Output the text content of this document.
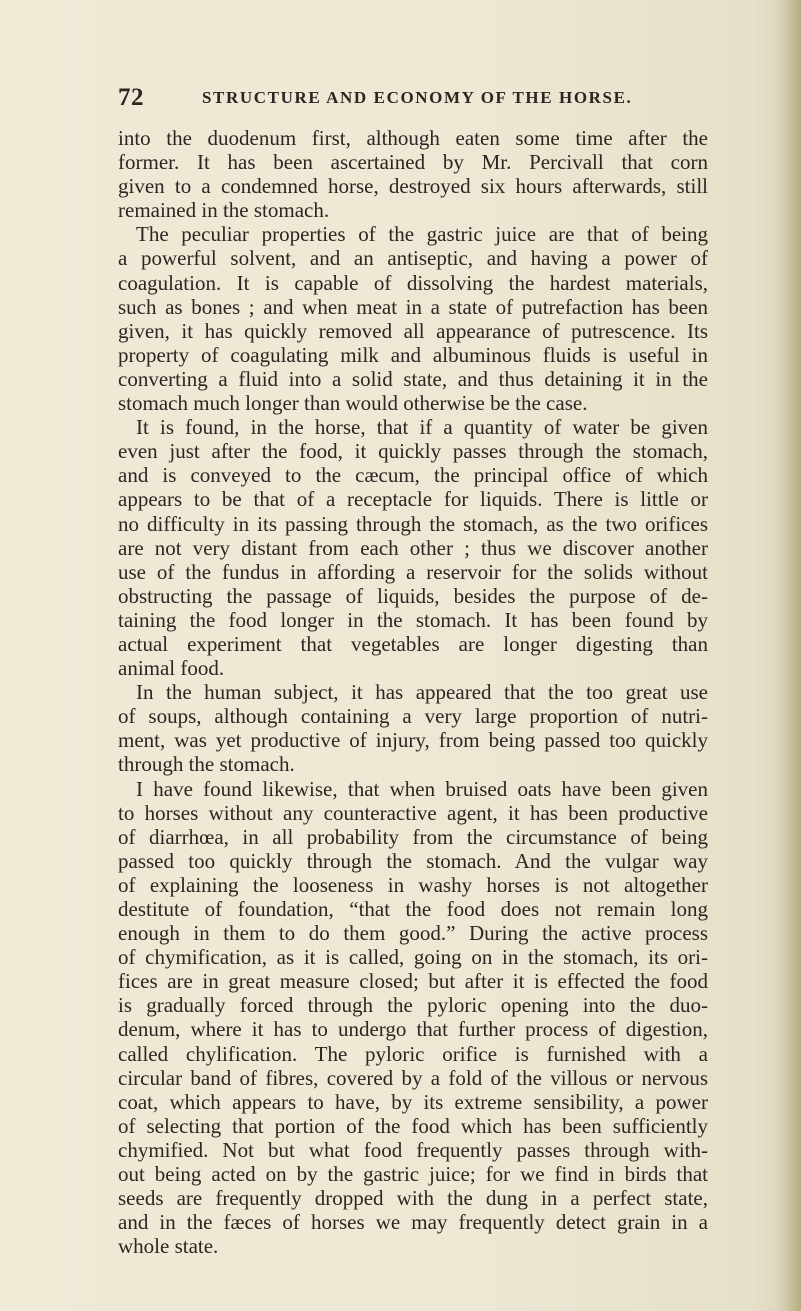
72	STRUCTURE AND ECONOMY OF THE HORSE.
into the duodenum first, although eaten some time after the
former. It has been ascertained by Mr. Percivall that corn
given to a condemned horse, destroyed six hours afterwards, still
remained in the stomach.
The peculiar properties of the gastric juice are that of being
a powerful solvent, and an antiseptic, and having a power of
coagulation. It is capable of dissolving the hardest materials,
such as bones ; and when meat in a state of putrefaction has been
given, it has quickly removed all appearance of putrescence. Its
property of coagulating milk and albuminous fluids is useful in
converting a fluid into a solid state, and thus detaining it in the
stomach much longer than would otherwise be the case.
It is found, in the horse, that if a quantity of water be given
even just after the food, it quickly passes through the stomach,
and is conveyed to the cæcum, the principal office of which
appears to be that of a receptacle for liquids. There is little or
no difficulty in its passing through the stomach, as the two orifices
are not very distant from each other ; thus we discover another
use of the fundus in affording a reservoir for the solids without
obstructing the passage of liquids, besides the purpose of de-
taining the food longer in the stomach. It has been found by
actual experiment that vegetables are longer digesting than
animal food.
In the human subject, it has appeared that the too great use
of soups, although containing a very large proportion of nutri-
ment, was yet productive of injury, from being passed too quickly
through the stomach.
I have found likewise, that when bruised oats have been given
to horses without any counteractive agent, it has been productive
of diarrhœa, in all probability from the circumstance of being
passed too quickly through the stomach. And the vulgar way
of explaining the looseness in washy horses is not altogether
destitute of foundation, “that the food does not remain long
enough in them to do them good.” During the active process
of chymification, as it is called, going on in the stomach, its ori-
fices are in great measure closed; but after it is effected the food
is gradually forced through the pyloric opening into the duo-
denum, where it has to undergo that further process of digestion,
called chylification. The pyloric orifice is furnished with a
circular band of fibres, covered by a fold of the villous or nervous
coat, which appears to have, by its extreme sensibility, a power
of selecting that portion of the food which has been sufficiently
chymified. Not but what food frequently passes through with-
out being acted on by the gastric juice; for we find in birds that
seeds are frequently dropped with the dung in a perfect state,
and in the fæces of horses we may frequently detect grain in a
whole state.
